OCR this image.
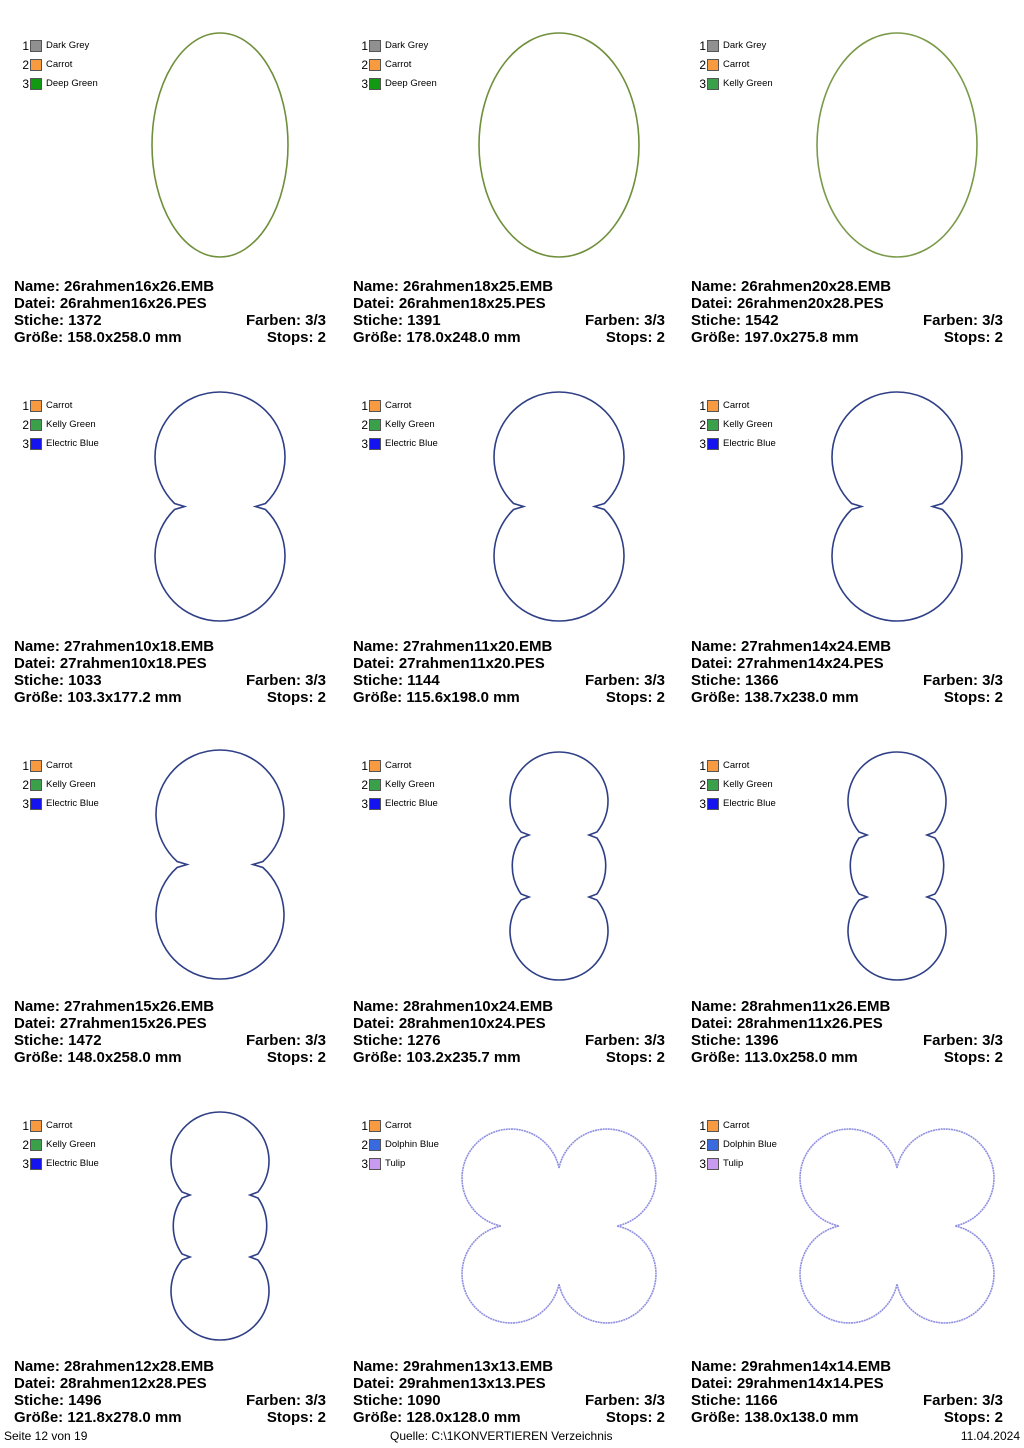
1 Dark Grey
2 Carrot
3 Deep Green
Name: 26rahmen16x26.EMB
Datei: 26rahmen16x26.PES
Stiche: 1372	Farben: 3/3
Größe: 158.0x258.0 mm	Stops: 2
1 Dark Grey
2 Carrot
3 Deep Green
Name: 26rahmen18x25.EMB
Datei: 26rahmen18x25.PES
Stiche: 1391	Farben: 3/3
Größe: 178.0x248.0 mm	Stops: 2
1 Dark Grey
2 Carrot
3 Kelly Green
Name: 26rahmen20x28.EMB
Datei: 26rahmen20x28.PES
Stiche: 1542	Farben: 3/3
Größe: 197.0x275.8 mm	Stops: 2
1 Carrot
2 Kelly Green
3 Electric Blue
Name: 27rahmen10x18.EMB
Datei: 27rahmen10x18.PES
Stiche: 1033	Farben: 3/3
Größe: 103.3x177.2 mm	Stops: 2
1 Carrot
2 Kelly Green
3 Electric Blue
Name: 27rahmen11x20.EMB
Datei: 27rahmen11x20.PES
Stiche: 1144	Farben: 3/3
Größe: 115.6x198.0 mm	Stops: 2
1 Carrot
2 Kelly Green
3 Electric Blue
Name: 27rahmen14x24.EMB
Datei: 27rahmen14x24.PES
Stiche: 1366	Farben: 3/3
Größe: 138.7x238.0 mm	Stops: 2
1 Carrot
2 Kelly Green
3 Electric Blue
Name: 27rahmen15x26.EMB
Datei: 27rahmen15x26.PES
Stiche: 1472	Farben: 3/3
Größe: 148.0x258.0 mm	Stops: 2
1 Carrot
2 Kelly Green
3 Electric Blue
Name: 28rahmen10x24.EMB
Datei: 28rahmen10x24.PES
Stiche: 1276	Farben: 3/3
Größe: 103.2x235.7 mm	Stops: 2
1 Carrot
2 Kelly Green
3 Electric Blue
Name: 28rahmen11x26.EMB
Datei: 28rahmen11x26.PES
Stiche: 1396	Farben: 3/3
Größe: 113.0x258.0 mm	Stops: 2
1 Carrot
2 Kelly Green
3 Electric Blue
Name: 28rahmen12x28.EMB
Datei: 28rahmen12x28.PES
Stiche: 1496	Farben: 3/3
Größe: 121.8x278.0 mm	Stops: 2
1 Carrot
2 Dolphin Blue
3 Tulip
Name: 29rahmen13x13.EMB
Datei: 29rahmen13x13.PES
Stiche: 1090	Farben: 3/3
Größe: 128.0x128.0 mm	Stops: 2
1 Carrot
2 Dolphin Blue
3 Tulip
Name: 29rahmen14x14.EMB
Datei: 29rahmen14x14.PES
Stiche: 1166	Farben: 3/3
Größe: 138.0x138.0 mm	Stops: 2
Seite 12 von 19	Quelle: C:\1KONVERTIEREN Verzeichnis	11.04.2024
